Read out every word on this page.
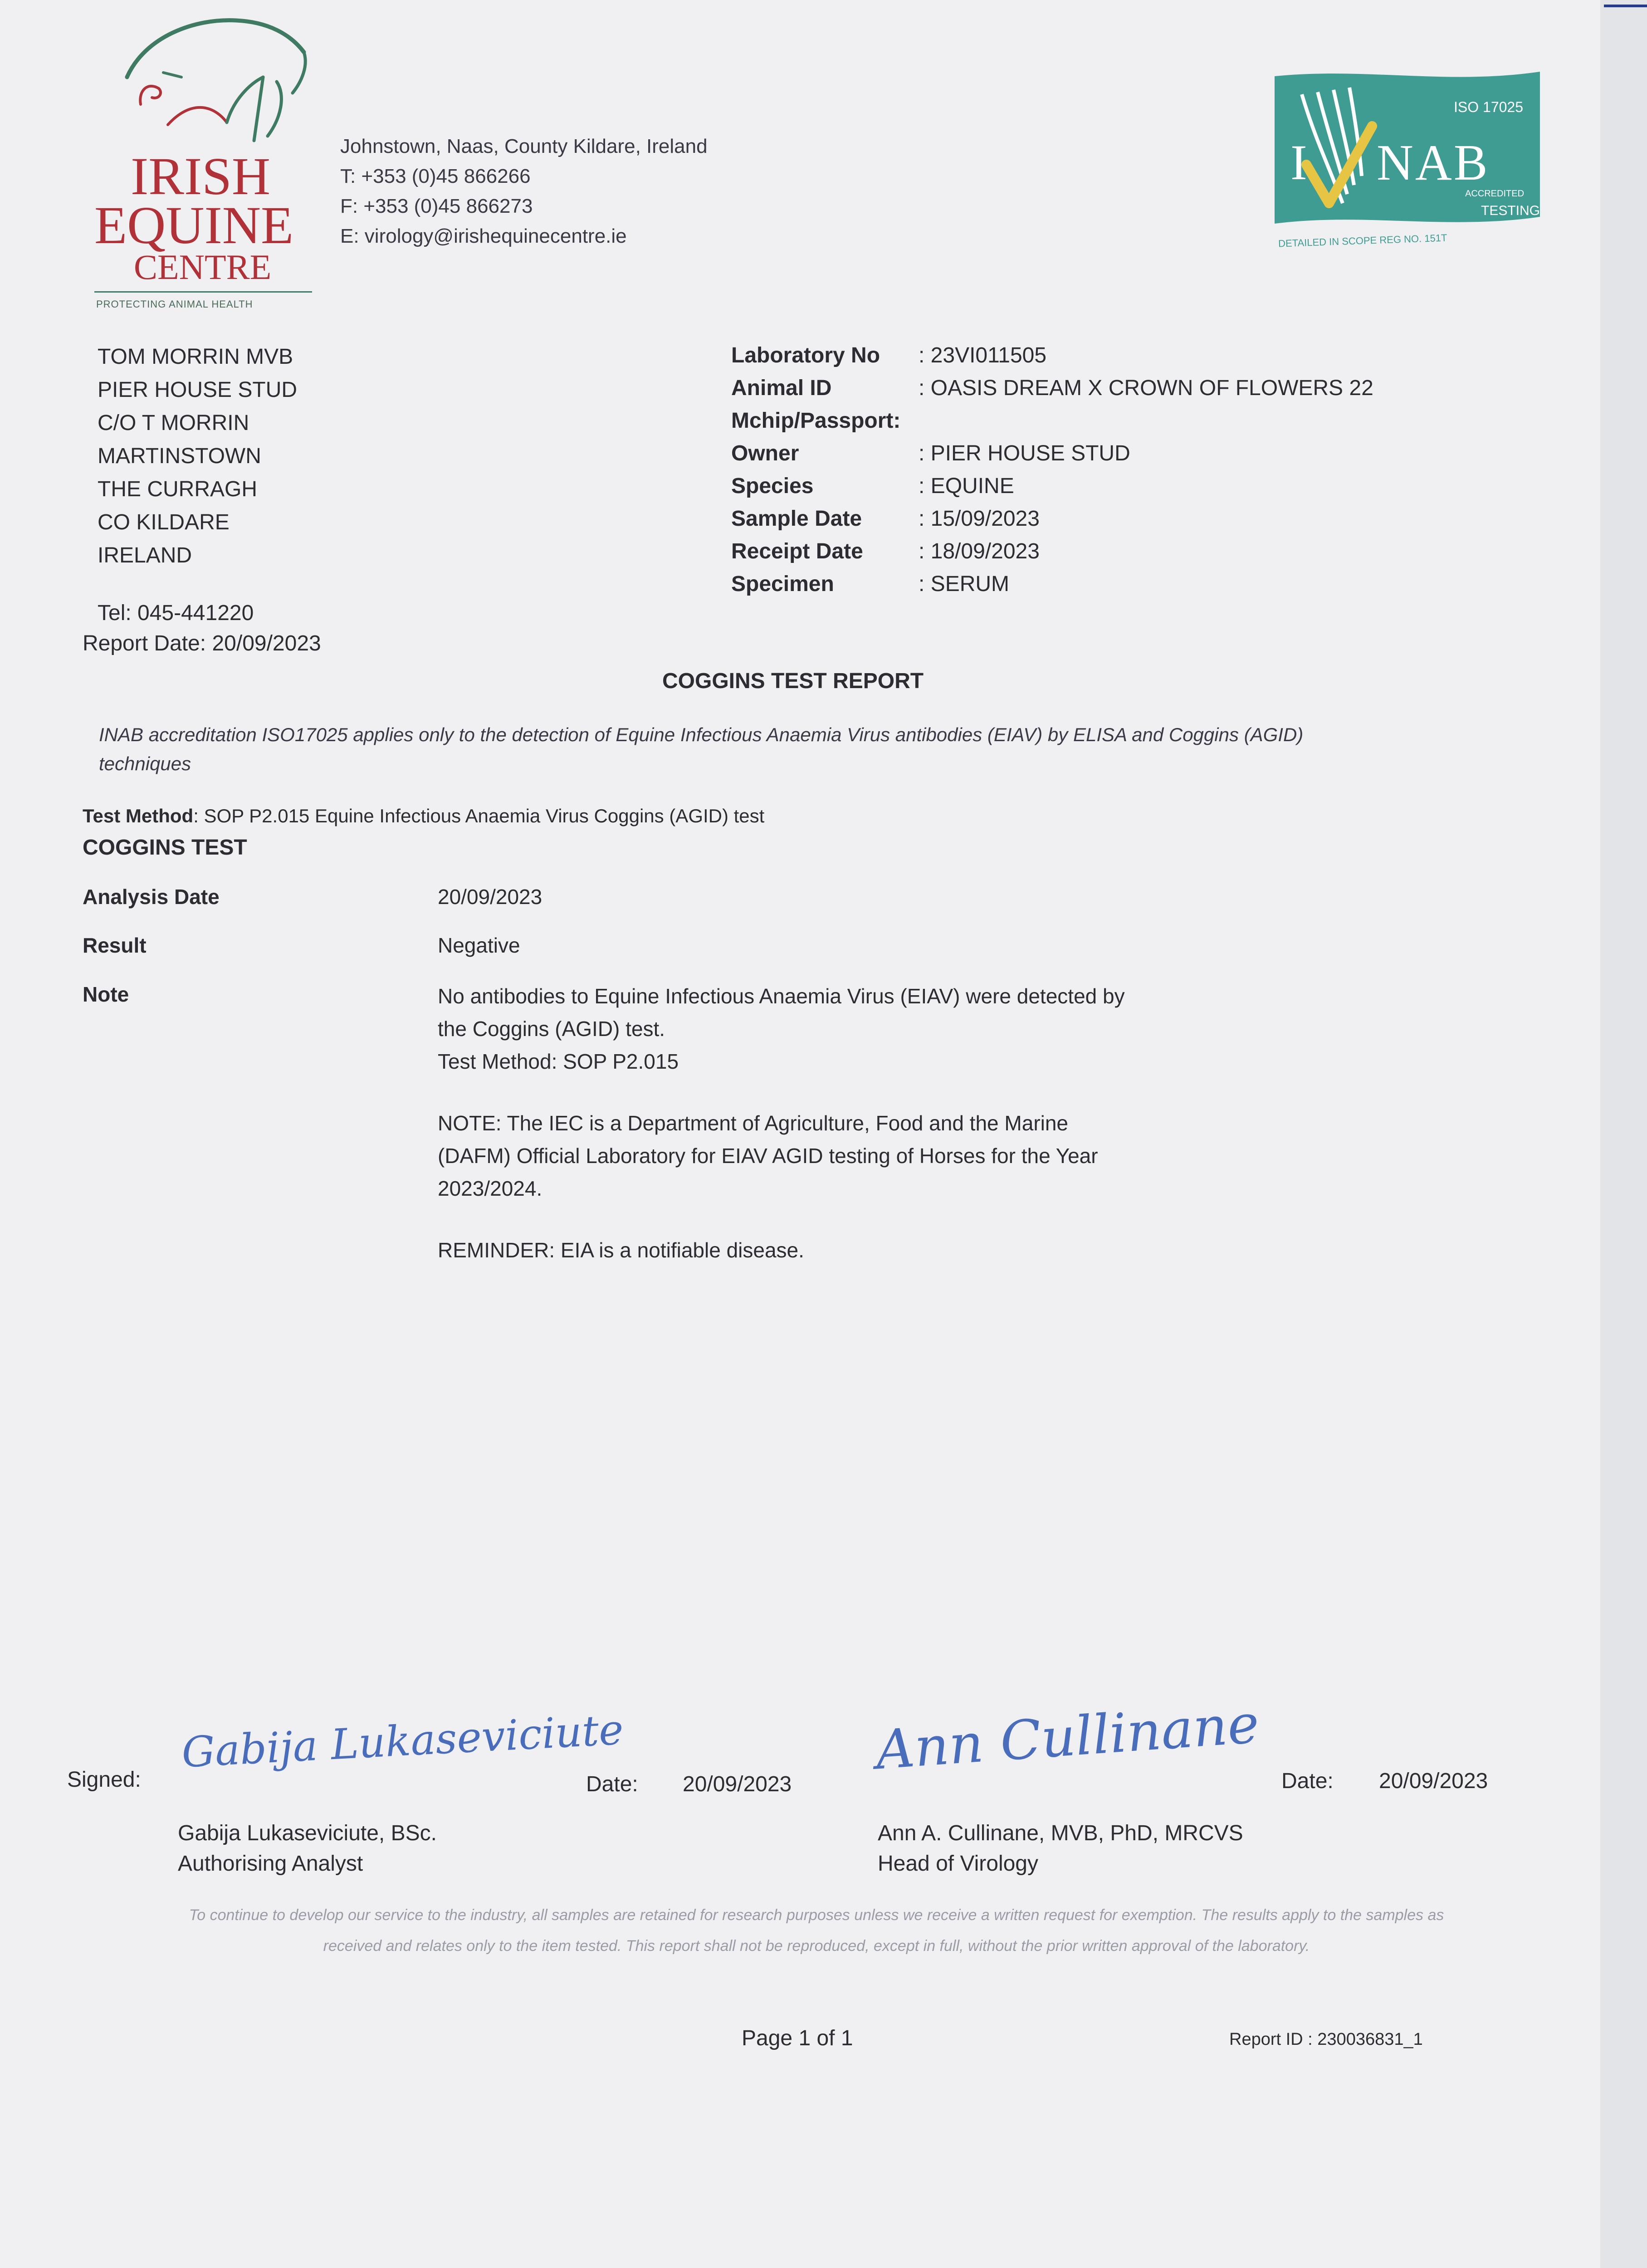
IRISH
EQUINE
CENTRE
PROTECTING ANIMAL HEALTH
Johnstown, Naas, County Kildare, Ireland
T: +353 (0)45 866266
F: +353 (0)45 866273
E: virology@irishequinecentre.ie
I NAB
ISO 17025
ACCREDITED
TESTING
DETAILED IN SCOPE REG NO. 151T
TOM MORRIN MVB
PIER HOUSE STUD
C/O T MORRIN
MARTINSTOWN
THE CURRAGH
CO KILDARE
IRELAND
Tel: 045-441220
Report Date: 20/09/2023
Laboratory No : 23VI011505
Animal ID	: OASIS DREAM X CROWN OF FLOWERS 22
Mchip/Passport:
Owner	: PIER HOUSE STUD
Species	: EQUINE
Sample Date	: 15/09/2023
Receipt Date	: 18/09/2023
Specimen	: SERUM
COGGINS TEST REPORT
INAB accreditation ISO17025 applies only to the detection of Equine Infectious Anaemia Virus antibodies (EIAV) by ELISA and Coggins (AGID) techniques
Test Method: SOP P2.015 Equine Infectious Anaemia Virus Coggins (AGID) test
COGGINS TEST
Analysis Date	20/09/2023
Result	Negative
Note	No antibodies to Equine Infectious Anaemia Virus (EIAV) were detected by
the Coggins (AGID) test.
Test Method: SOP P2.015
NOTE: The IEC is a Department of Agriculture, Food and the Marine
(DAFM) Official Laboratory for EIAV AGID testing of Horses for the Year
2023/2024.
REMINDER: EIA is a notifiable disease.
Signed:
Gabija Lukaseviciute
Date: 20/09/2023
Gabija Lukaseviciute, BSc.
Authorising Analyst
Ann Cullinane Date: 20/09/2023
Ann A. Cullinane, MVB, PhD, MRCVS
Head of Virology
To continue to develop our service to the industry, all samples are retained for research purposes unless we receive a written request for exemption. The results apply to the samples as received and relates only to the item tested. This report shall not be reproduced, except in full, without the prior written approval of the laboratory.
Page 1 of 1	Report ID : 230036831_1
